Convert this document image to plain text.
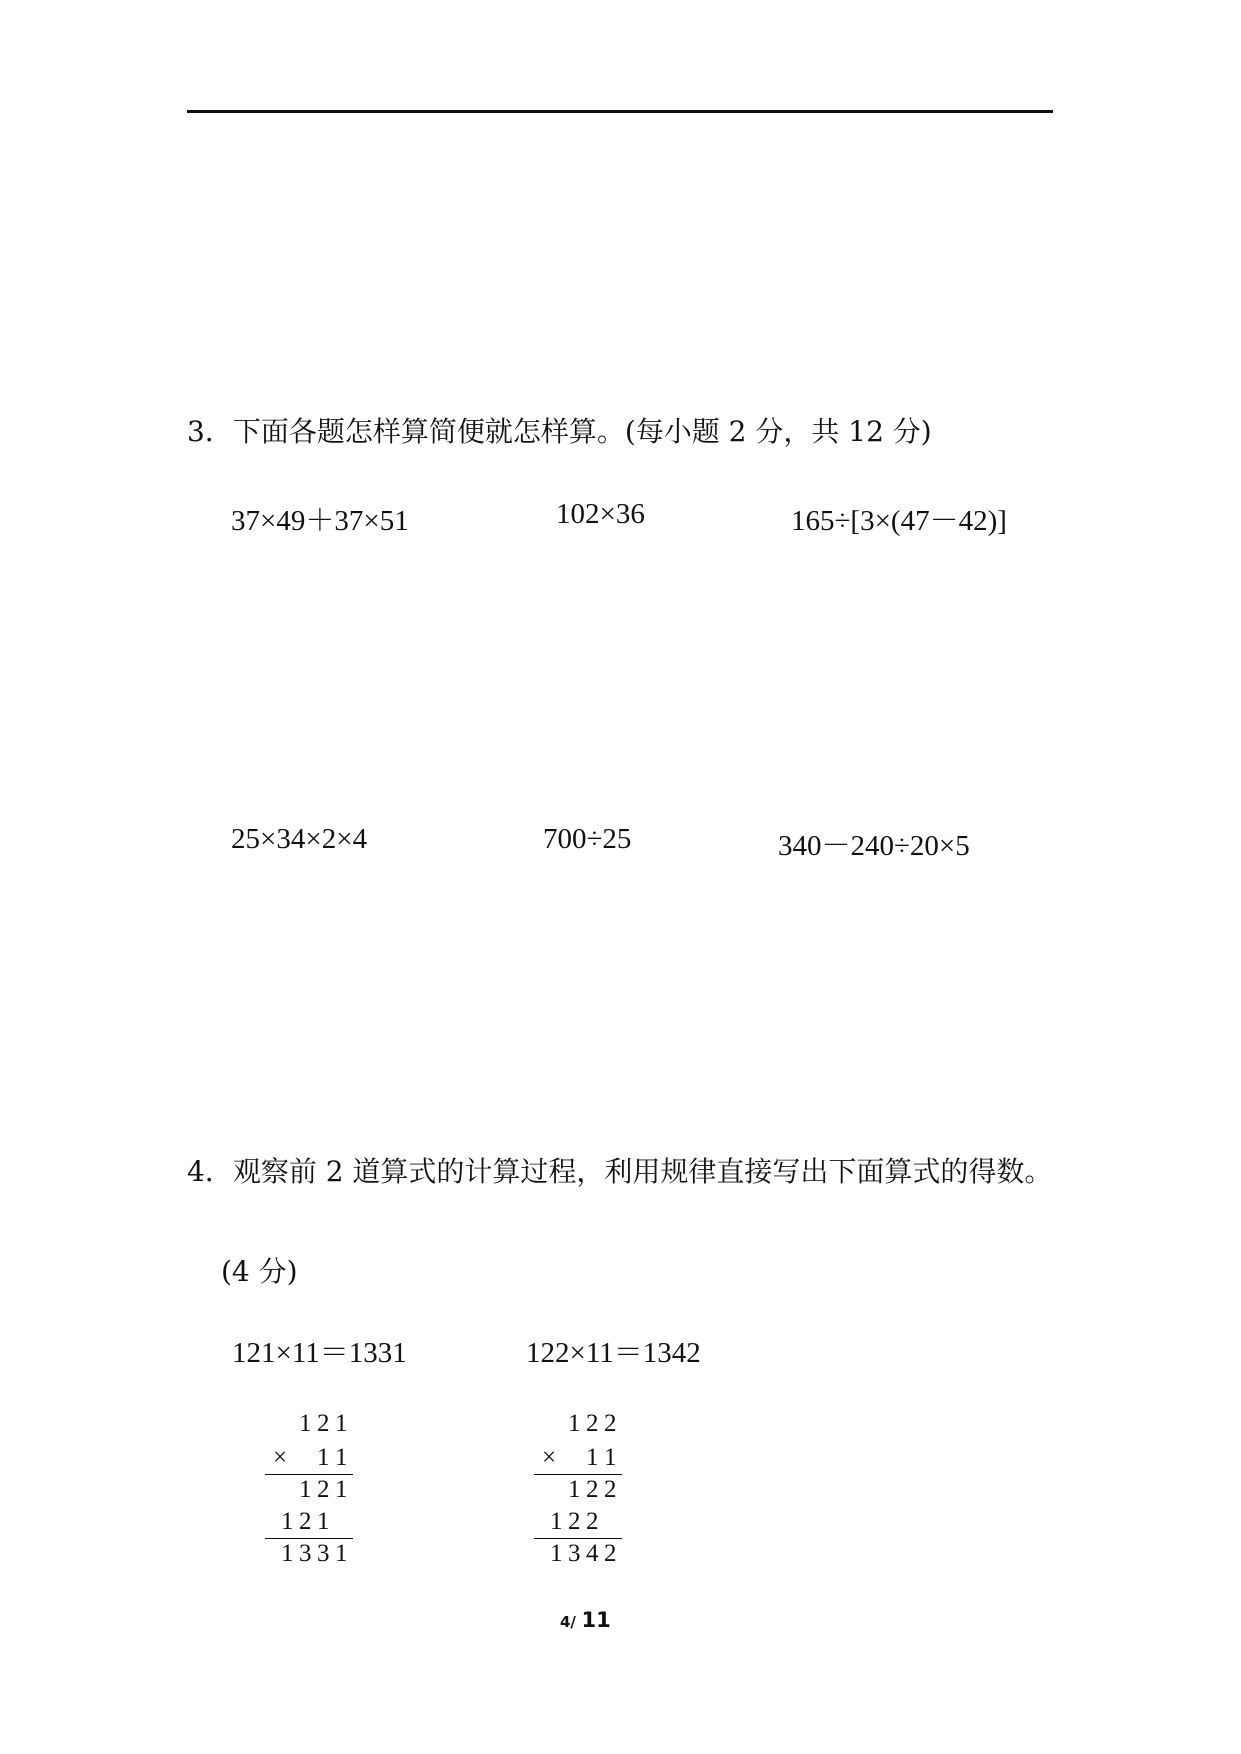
3．下面各题怎样算简便就怎样算。(每小题 2 分，共 12 分)
37×49＋37×51	102×36	165÷[3×(47－42)]
25×34×2×4	700÷25	340－240÷20×5
4．观察前 2 道算式的计算过程，利用规律直接写出下面算式的得数。
(4 分)
121×11＝1331	122×11＝1342
1 2 1
× 1 1
1 2 1
1 2 1
1 3 3 1
1 2 2
× 1 1
1 2 2
1 2 2
1 3 4 2
4/ 11
